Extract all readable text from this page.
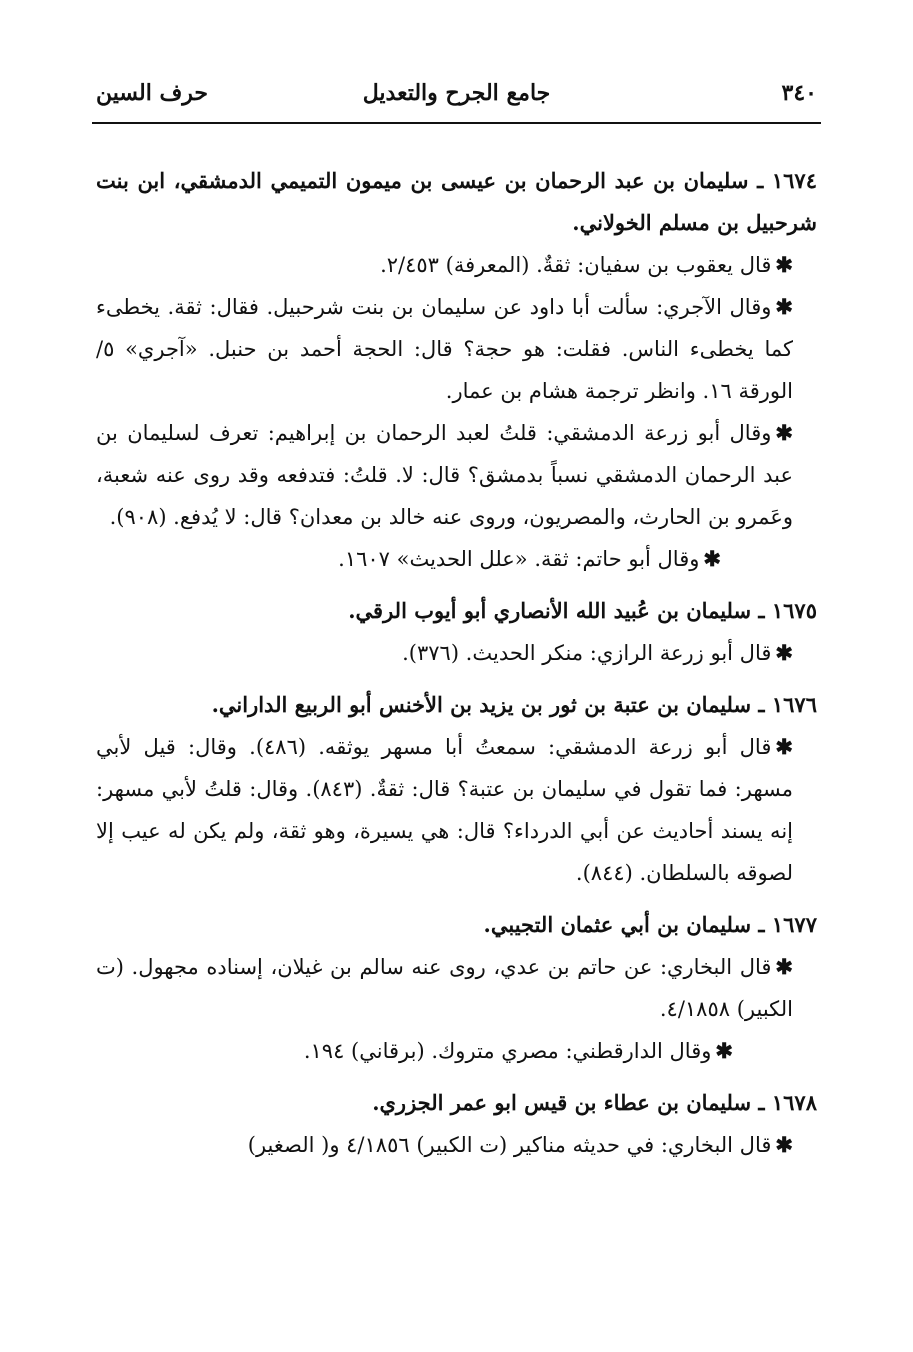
٣٤٠
جامع الجرح والتعديل
حرف السين

١٦٧٤ ـ سليمان بن عبد الرحمان بن عيسى بن ميمون التميمي الدمشقي، ابن بنت شرحبيل بن مسلم الخولاني.

✱قال يعقوب بن سفيان: ثقةٌ. (المعرفة) ٢/٤٥٣.

✱وقال الآجري: سألت أبا داود عن سليمان بن بنت شرحبيل. فقال: ثقة. يخطىء كما يخطىء الناس. فقلت: هو حجة؟ قال: الحجة أحمد بن حنبل. «آجري» ٥/الورقة ١٦. وانظر ترجمة هشام بن عمار.

✱وقال أبو زرعة الدمشقي: قلتُ لعبد الرحمان بن إبراهيم: تعرف لسليمان بن عبد الرحمان الدمشقي نسباً بدمشق؟ قال: لا. قلتُ: فتدفعه وقد روى عنه شعبة، وعَمرو بن الحارث، والمصريون، وروى عنه خالد بن معدان؟ قال: لا يُدفع. (٩٠٨).

✱وقال أبو حاتم: ثقة. «علل الحديث» ١٦٠٧.

١٦٧٥ ـ سليمان بن عُبيد الله الأنصاري أبو أيوب الرقي.

✱قال أبو زرعة الرازي: منكر الحديث. (٣٧٦).

١٦٧٦ ـ سليمان بن عتبة بن ثور بن يزيد بن الأخنس أبو الربيع الداراني.

✱قال أبو زرعة الدمشقي: سمعتُ أبا مسهر يوثقه. (٤٨٦). وقال: قيل لأبي مسهر: فما تقول في سليمان بن عتبة؟ قال: ثقةٌ. (٨٤٣). وقال: قلتُ لأبي مسهر: إنه يسند أحاديث عن أبي الدرداء؟ قال: هي يسيرة، وهو ثقة، ولم يكن له عيب إلا لصوقه بالسلطان. (٨٤٤).

١٦٧٧ ـ سليمان بن أبي عثمان التجيبي.

✱قال البخاري: عن حاتم بن عدي، روى عنه سالم بن غيلان، إسناده مجهول. (ت الكبير) ٤/١٨٥٨.

✱وقال الدارقطني: مصري متروك. (برقاني) ١٩٤.

١٦٧٨ ـ سليمان بن عطاء بن قيس ابو عمر الجزري.

✱قال البخاري: في حديثه مناكير (ت الكبير) ٤/١٨٥٦ و( الصغير)
